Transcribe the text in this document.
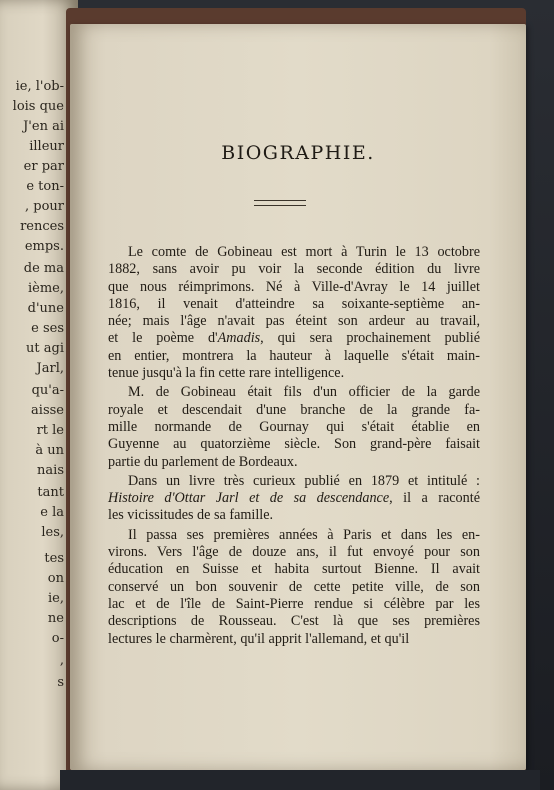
ie, l'ob-
lois que
J'en ai
illeur
er par
e ton-
, pour
rences
emps.
de ma
ième,
d'une
e ses
ut agi
Jarl,
qu'a-
aisse
rt le
à un
nais
tant
e la
les,
tes
on
ie,
ne
o-
,
s
BIOGRAPHIE.
Le comte de Gobineau est mort à Turin le 13 octobre
1882, sans avoir pu voir la seconde édition du livre
que nous réimprimons. Né à Ville-d'Avray le 14 juillet
1816, il venait d'atteindre sa soixante-septième an-
née; mais l'âge n'avait pas éteint son ardeur au travail,
et le poème d'Amadis, qui sera prochainement publié
en entier, montrera la hauteur à laquelle s'était main-
tenue jusqu'à la fin cette rare intelligence.
M. de Gobineau était fils d'un officier de la garde
royale et descendait d'une branche de la grande fa-
mille normande de Gournay qui s'était établie en
Guyenne au quatorzième siècle. Son grand-père faisait
partie du parlement de Bordeaux.
Dans un livre très curieux publié en 1879 et intitulé :
Histoire d'Ottar Jarl et de sa descendance, il a raconté
les vicissitudes de sa famille.
Il passa ses premières années à Paris et dans les en-
virons. Vers l'âge de douze ans, il fut envoyé pour son
éducation en Suisse et habita surtout Bienne. Il avait
conservé un bon souvenir de cette petite ville, de son
lac et de l'île de Saint-Pierre rendue si célèbre par les
descriptions de Rousseau. C'est là que ses premières
lectures le charmèrent, qu'il apprit l'allemand, et qu'il
